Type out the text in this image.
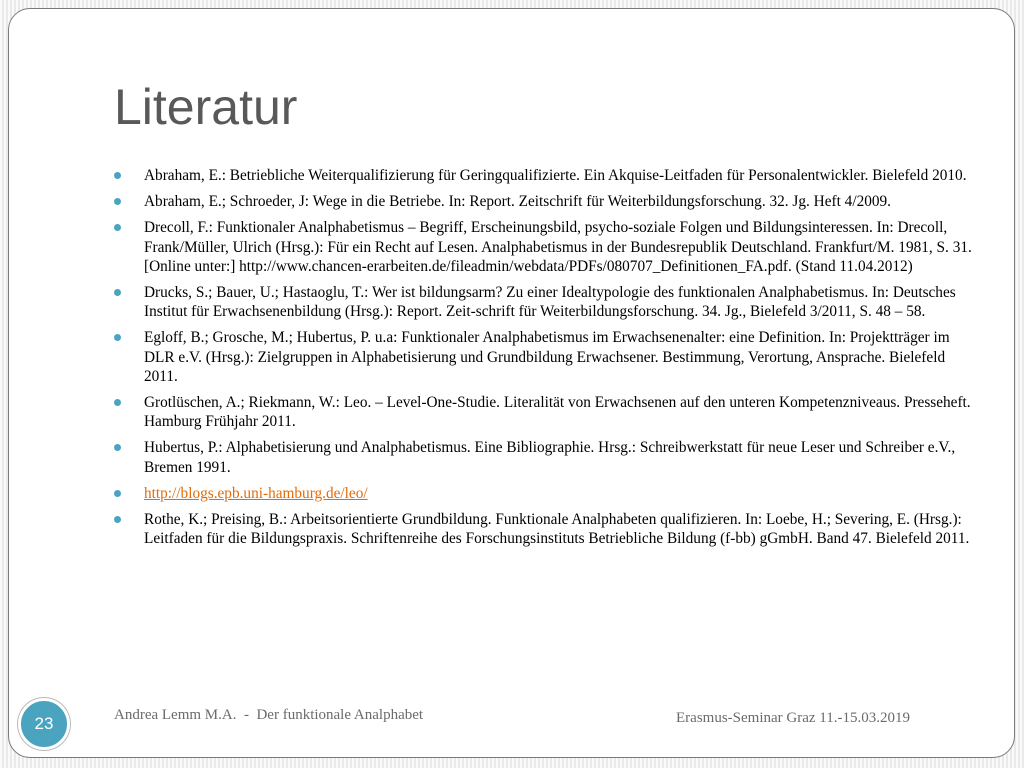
Literatur
Abraham, E.: Betriebliche Weiterqualifizierung für Geringqualifizierte. Ein Akquise-Leitfaden für Personalentwickler. Bielefeld 2010.
Abraham, E.; Schroeder, J: Wege in die Betriebe. In: Report. Zeitschrift für Weiterbildungsforschung. 32. Jg. Heft 4/2009.
Drecoll, F.: Funktionaler Analphabetismus – Begriff, Erscheinungsbild, psycho-soziale Folgen und Bildungsinteressen. In: Drecoll, Frank/Müller, Ulrich (Hrsg.): Für ein Recht auf Lesen. Analphabetismus in der Bundesrepublik Deutschland. Frankfurt/M. 1981, S. 31. [Online unter:] http://www.chancen-erarbeiten.de/fileadmin/webdata/PDFs/080707_Definitionen_FA.pdf. (Stand 11.04.2012)
Drucks, S.; Bauer, U.; Hastaoglu, T.: Wer ist bildungsarm? Zu einer Idealtypologie des funktionalen Analphabetismus. In: Deutsches Institut für Erwachsenenbildung (Hrsg.): Report. Zeit-schrift für Weiterbildungsforschung. 34. Jg., Bielefeld 3/2011, S. 48 – 58.
Egloff, B.; Grosche, M.; Hubertus, P. u.a: Funktionaler Analphabetismus im Erwachsenenalter: eine Definition. In: Projektträger im DLR e.V. (Hrsg.): Zielgruppen in Alphabetisierung und Grundbildung Erwachsener. Bestimmung, Verortung, Ansprache. Bielefeld 2011.
Grotlüschen, A.; Riekmann, W.: Leo. – Level-One-Studie. Literalität von Erwachsenen auf den unteren Kompetenzniveaus. Presseheft. Hamburg Frühjahr 2011.
Hubertus, P.: Alphabetisierung und Analphabetismus. Eine Bibliographie. Hrsg.: Schreibwerkstatt für neue Leser und Schreiber e.V., Bremen 1991.
http://blogs.epb.uni-hamburg.de/leo/
Rothe, K.; Preising, B.: Arbeitsorientierte Grundbildung. Funktionale Analphabeten qualifizieren. In: Loebe, H.; Severing, E. (Hrsg.): Leitfaden für die Bildungspraxis. Schriftenreihe des Forschungsinstituts Betriebliche Bildung (f-bb) gGmbH. Band 47. Bielefeld 2011.
23	Andrea Lemm M.A.  -  Der funktionale Analphabet	Erasmus-Seminar Graz 11.-15.03.2019
